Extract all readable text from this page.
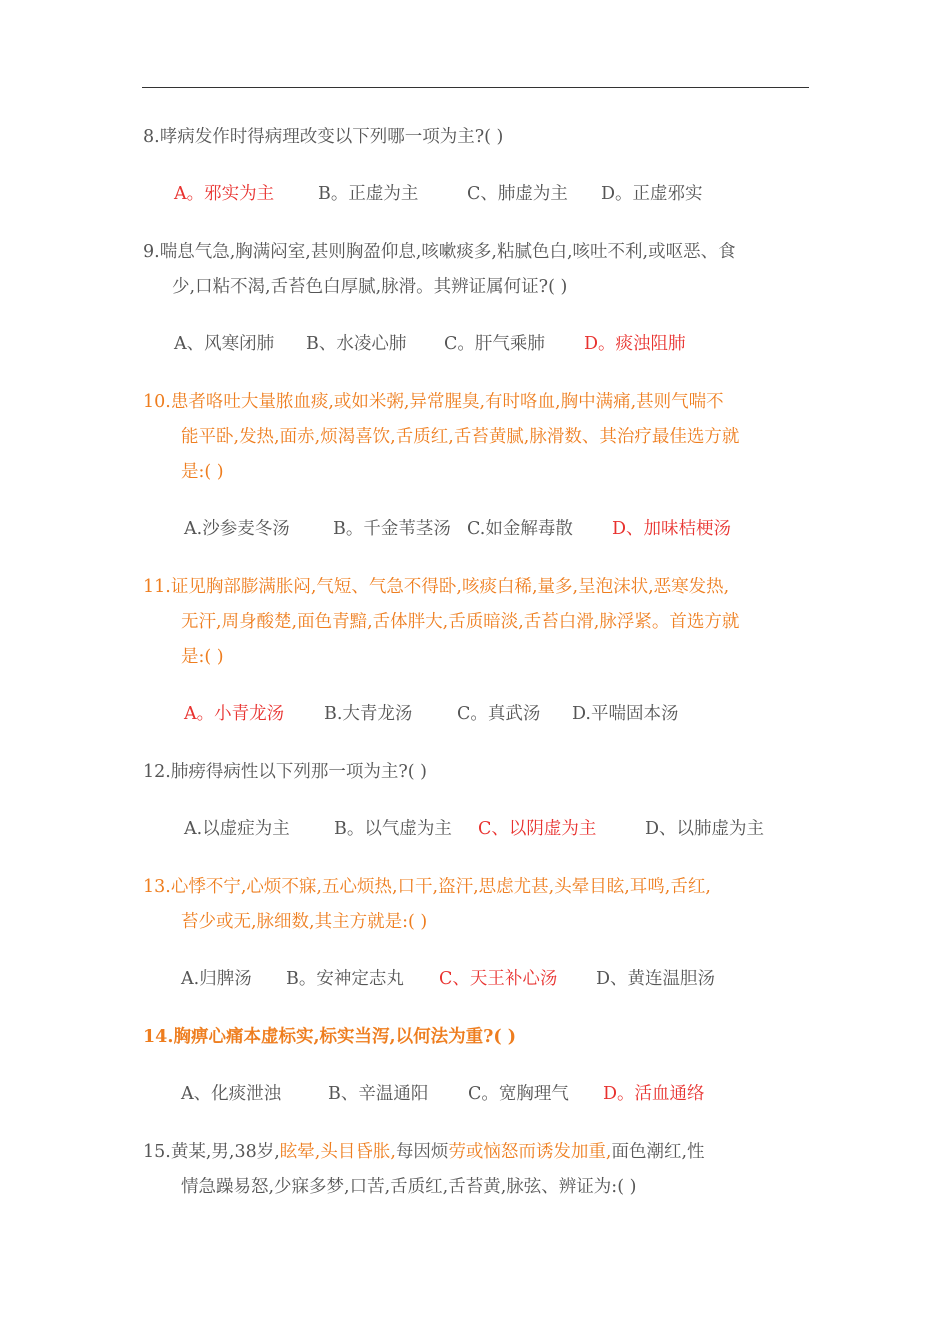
8.哮病发作时得病理改变以下列哪一项为主?( )
A。邪实为主	B。正虚为主	C、肺虚为主 D。正虚邪实
9.喘息气急,胸满闷室,甚则胸盈仰息,咳嗽痰多,粘腻色白,咳吐不利,或呕恶、食
少,口粘不渴,舌苔色白厚腻,脉滑。其辨证属何证?( )
A、风寒闭肺 B、水凌心肺 C。肝气乘肺 D。痰浊阻肺
10.患者咯吐大量脓血痰,或如米粥,异常腥臭,有时咯血,胸中满痛,甚则气喘不
能平卧,发热,面赤,烦渴喜饮,舌质红,舌苔黄腻,脉滑数、其治疗最佳选方就
是:( )
A.沙参麦冬汤 B。千金苇茎汤 C.如金解毒散 D、加味桔梗汤
11.证见胸部膨满胀闷,气短、气急不得卧,咳痰白稀,量多,呈泡沫状,恶寒发热,
无汗,周身酸楚,面色青黯,舌体胖大,舌质暗淡,舌苔白滑,脉浮紧。首选方就
是:( )
A。小青龙汤 B.大青龙汤	C。真武汤 D.平喘固本汤
12.肺痨得病性以下列那一项为主?( )
A.以虚症为主	B。以气虚为主 C、以阴虚为主	D、以肺虚为主
13.心悸不宁,心烦不寐,五心烦热,口干,盗汗,思虑尤甚,头晕目眩,耳鸣,舌红,
苔少或无,脉细数,其主方就是:( )
A.归脾汤 B。安神定志丸 C、天王补心汤 D、黄连温胆汤
14.胸痹心痛本虚标实,标实当泻,以何法为重?( )
A、化痰泄浊	B、辛温通阳 C。宽胸理气 D。活血通络
15.黄某,男,38岁,眩晕,头目昏胀,每因烦劳或恼怒而诱发加重,面色潮红,性
情急躁易怒,少寐多梦,口苦,舌质红,舌苔黄,脉弦、辨证为:( )
